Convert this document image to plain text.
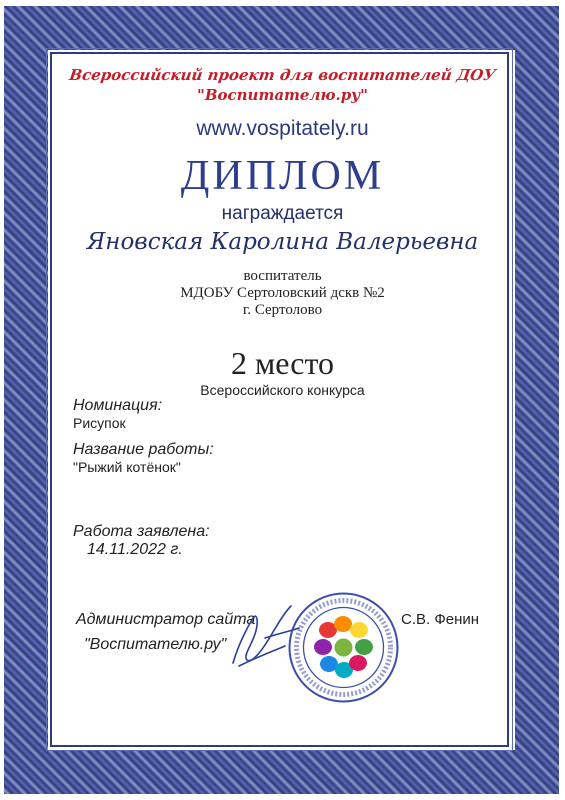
Всероссийский проект для воспитателей ДОУ
"Воспитателю.ру"
www.vospitately.ru
ДИПЛОМ
награждается
Яновская Каролина Валерьевна
воспитатель
МДОБУ Сертоловский дскв №2
г. Сертолово
2 место
Всероссийского конкурса
Номинация:
Рисупок
Название работы:
"Рыжий котёнок"
Работа заявлена:
14.11.2022 г.
Администратор сайта
"Воспитателю.ру"
С.В. Фенин
